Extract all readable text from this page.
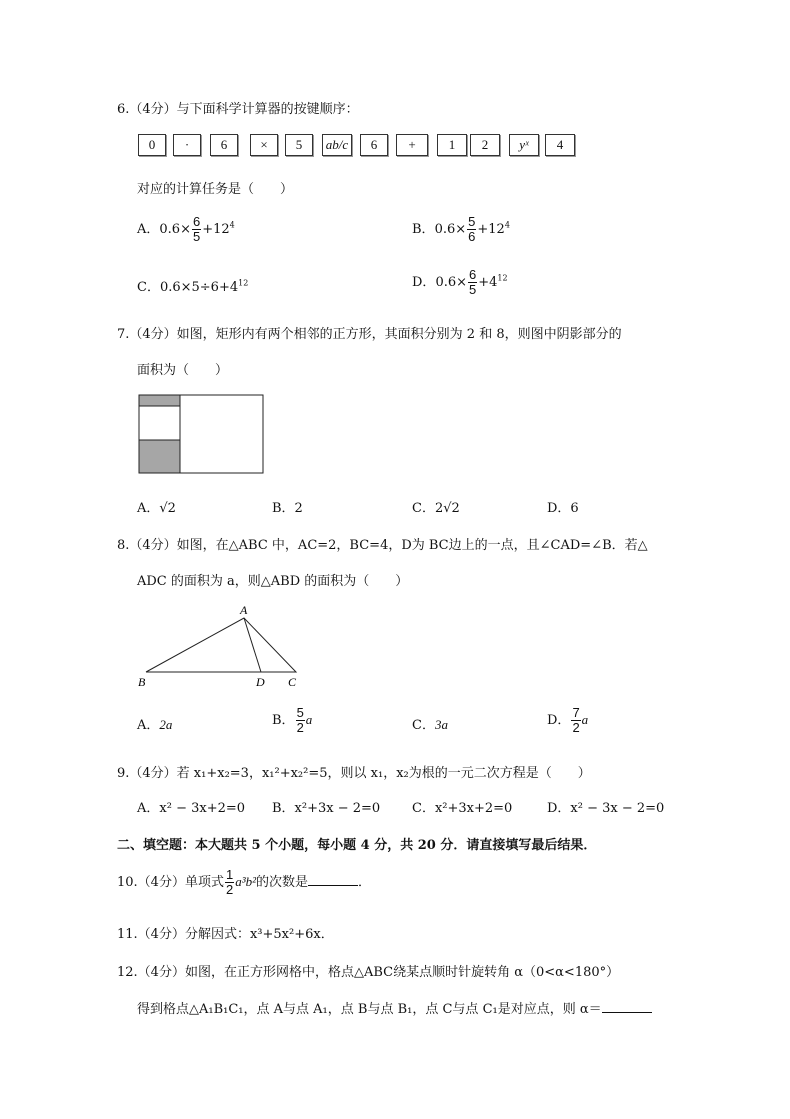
6.（4分）与下面科学计算器的按键顺序：
0	·	6	×	5	ab/c	6	+	1	2	yˣ	4
对应的计算任务是（　　）
A．$0.6\times \frac{6}{5} +12^4$	B．$0.6\times \frac{5}{6} +12^4$
C．$0.6\times 5\div 6+4^{12}$	D．$0.6\times \frac{6}{5} +4^{12}$
7.（4分）如图，矩形内有两个相邻的正方形，其面积分别为 2 和 8，则图中阴影部分的
面积为（　　）
A．√2	B．2	C．2√2	D．6
8.（4分）如图，在△ABC 中，AC=2，BC=4，D为 BC边上的一点，且∠CAD=∠B．若△
ADC 的面积为 a，则△ABD 的面积为（　　）
A
B	D C
A．2a	B． $\frac{5}{2}$ a	C．3a	D． $\frac{7}{2}$ a
9.（4分）若 x₁+x₂=3，x₁²+x₂²=5，则以 x₁，x₂为根的一元二次方程是（　　）
A．x² − 3x+2=0 B．x²+3x − 2=0 C．x²+3x+2=0	D．x² − 3x − 2=0
二、填空题：本大题共 5 个小题，每小题 4 分，共 20 分．请直接填写最后结果．
10.（4分）单项式 $\frac{1}{2} a^3b^2$的次数是	．
11.（4分）分解因式：x³+5x²+6x．
12.（4分）如图，在正方形网格中，格点△ABC绕某点顺时针旋转角 α（0<α<180°）
得到格点△A₁B₁C₁，点 A与点 A₁，点 B与点 B₁，点 C与点 C₁是对应点，则 α＝
